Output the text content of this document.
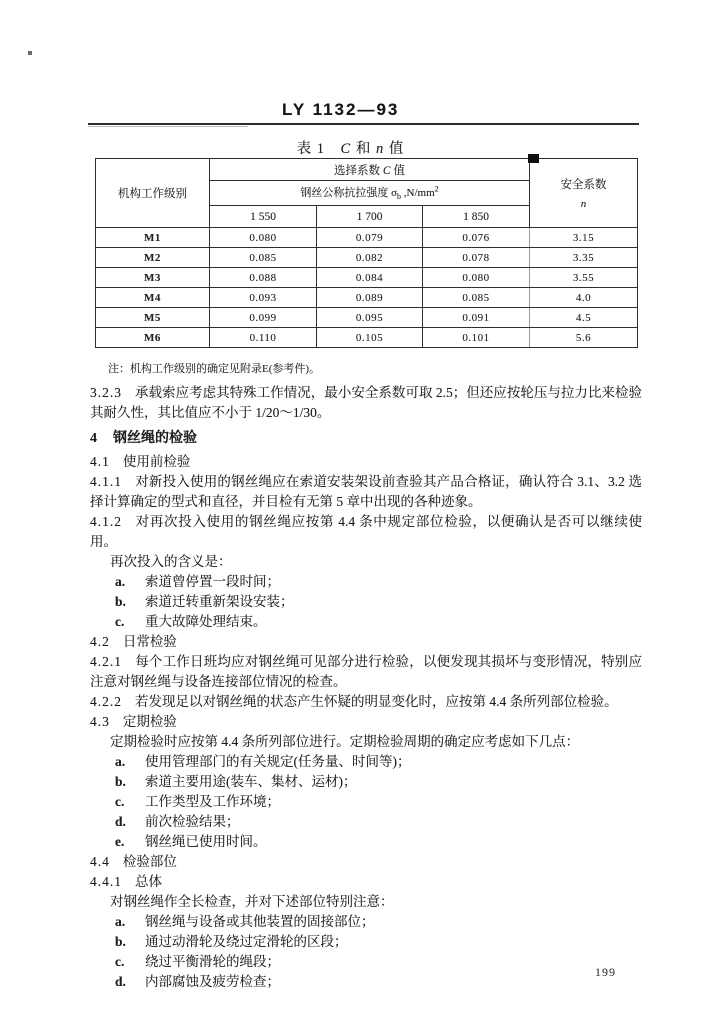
LY 1132—93
表 1　C 和 n 值
机构工作级别	选择系数 C 值			安全系数
n

	钢丝公称抗拉强度 $\sigma_b$ $,N/mm^2$
	1 550	1 700	1 850	
M1	0.080	0.079	0.076	3.15
M2	0.085	0.082	0.078	3.35
M3	0.088	0.084	0.080	3.55
M4	0.093	0.089	0.085	4.0
M5	0.099	0.095	0.091	4.5
M6	0.110	0.105	0.101	5.6
注：机构工作级别的确定见附录E(参考件)。

3.2.3 承载索应考虑其特殊工作情况，最小安全系数可取 2.5；但还应按轮压与拉力比来检验其耐久性，其比值应不小于 1/20～1/30。

4 钢丝绳的检验

4.1 使用前检验

4.1.1 对新投入使用的钢丝绳应在索道安装架设前查验其产品合格证，确认符合 3.1、3.2 选择计算确定的型式和直径，并目检有无第 5 章中出现的各种迹象。

4.1.2 对再次投入使用的钢丝绳应按第 4.4 条中规定部位检验，以便确认是否可以继续使用。

再次投入的含义是：

a. 索道曾停置一段时间；

b. 索道迁转重新架设安装；

c. 重大故障处理结束。

4.2 日常检验

4.2.1 每个工作日班均应对钢丝绳可见部分进行检验，以便发现其损坏与变形情况，特别应注意对钢丝绳与设备连接部位情况的检查。

4.2.2 若发现足以对钢丝绳的状态产生怀疑的明显变化时，应按第 4.4 条所列部位检验。

4.3 定期检验

定期检验时应按第 4.4 条所列部位进行。定期检验周期的确定应考虑如下几点：

a. 使用管理部门的有关规定(任务量、时间等)；

b. 索道主要用途(装车、集材、运材)；

c. 工作类型及工作环境；

d. 前次检验结果；

e. 钢丝绳已使用时间。

4.4 检验部位

4.4.1 总体

对钢丝绳作全长检查，并对下述部位特别注意：

a. 钢丝绳与设备或其他装置的固接部位；

b. 通过动滑轮及绕过定滑轮的区段；

c. 绕过平衡滑轮的绳段；

d. 内部腐蚀及疲劳检查；

199
